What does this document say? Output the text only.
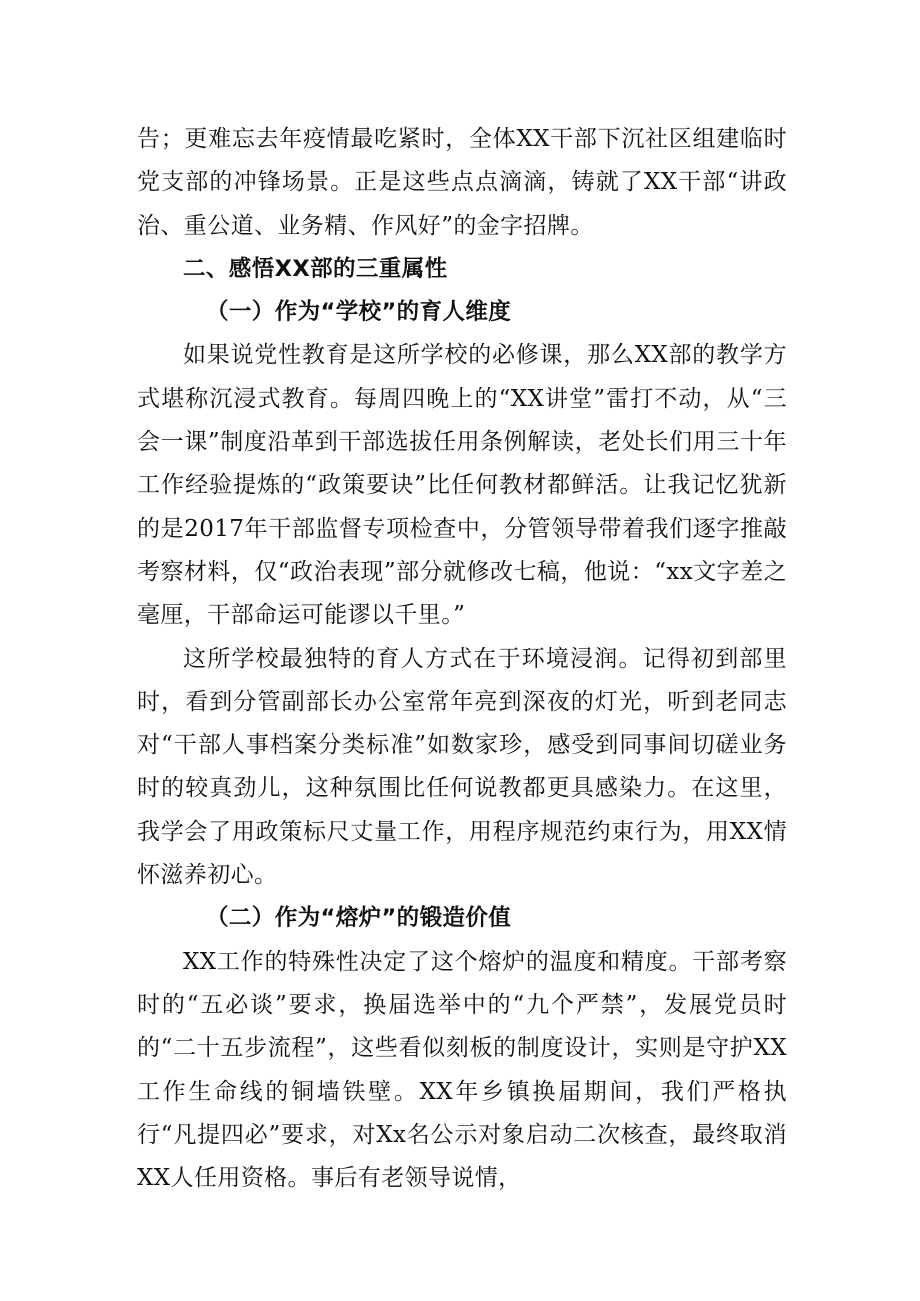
告；更难忘去年疫情最吃紧时，全体XX干部下沉社区组建临时党支部的冲锋场景。正是这些点点滴滴，铸就了XX干部“讲政治、重公道、业务精、作风好”的金字招牌。

二、感悟XX部的三重属性
（一）作为“学校”的育人维度

如果说党性教育是这所学校的必修课，那么XX部的教学方式堪称沉浸式教育。每周四晚上的“XX讲堂”雷打不动，从“三会一课”制度沿革到干部选拔任用条例解读，老处长们用三十年工作经验提炼的“政策要诀”比任何教材都鲜活。让我记忆犹新的是2017年干部监督专项检查中，分管领导带着我们逐字推敲考察材料，仅“政治表现”部分就修改七稿，他说：“xx文字差之毫厘，干部命运可能谬以千里。”

这所学校最独特的育人方式在于环境浸润。记得初到部里时，看到分管副部长办公室常年亮到深夜的灯光，听到老同志对“干部人事档案分类标准”如数家珍，感受到同事间切磋业务时的较真劲儿，这种氛围比任何说教都更具感染力。在这里，我学会了用政策标尺丈量工作，用程序规范约束行为，用XX情怀滋养初心。

（二）作为“熔炉”的锻造价值

XX工作的特殊性决定了这个熔炉的温度和精度。干部考察时的“五必谈”要求，换届选举中的“九个严禁”，发展党员时的“二十五步流程”，这些看似刻板的制度设计，实则是守护XX工作生命线的铜墙铁壁。XX年乡镇换届期间，我们严格执行“凡提四必”要求，对Xx名公示对象启动二次核查，最终取消XX人任用资格。事后有老领导说情，
